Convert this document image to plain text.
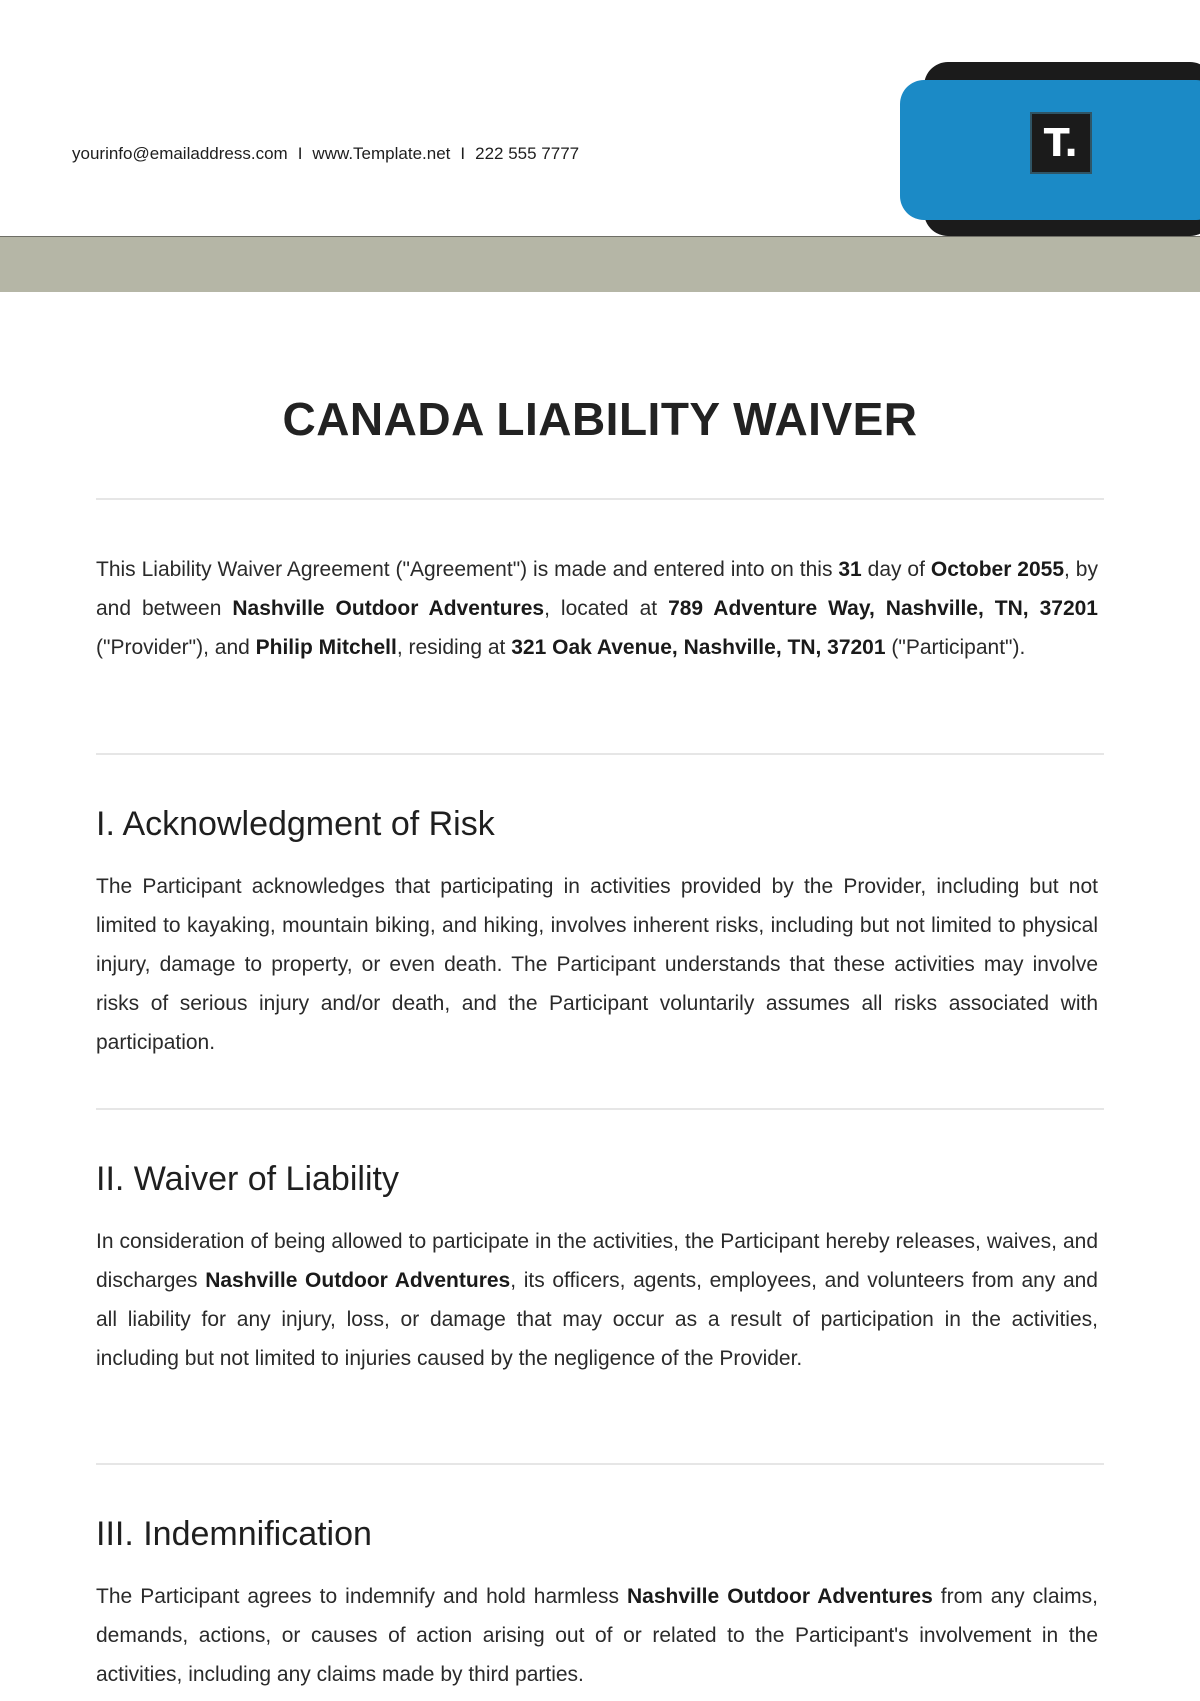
yourinfo@emailaddress.com I www.Template.net I 222 555 7777	T.
CANADA LIABILITY WAIVER

This Liability Waiver Agreement ("Agreement") is made and entered into on this 31 day of October 2055, by and between Nashville Outdoor Adventures, located at 789 Adventure Way, Nashville, TN, 37201 ("Provider"), and Philip Mitchell, residing at 321 Oak Avenue, Nashville, TN, 37201 ("Participant").

I. Acknowledgment of Risk

The Participant acknowledges that participating in activities provided by the Provider, including but not limited to kayaking, mountain biking, and hiking, involves inherent risks, including but not limited to physical injury, damage to property, or even death. The Participant understands that these activities may involve risks of serious injury and/or death, and the Participant voluntarily assumes all risks associated with participation.

II. Waiver of Liability

In consideration of being allowed to participate in the activities, the Participant hereby releases, waives, and discharges Nashville Outdoor Adventures, its officers, agents, employees, and volunteers from any and all liability for any injury, loss, or damage that may occur as a result of participation in the activities, including but not limited to injuries caused by the negligence of the Provider.

III. Indemnification

The Participant agrees to indemnify and hold harmless Nashville Outdoor Adventures from any claims, demands, actions, or causes of action arising out of or related to the Participant's involvement in the activities, including any claims made by third parties.
